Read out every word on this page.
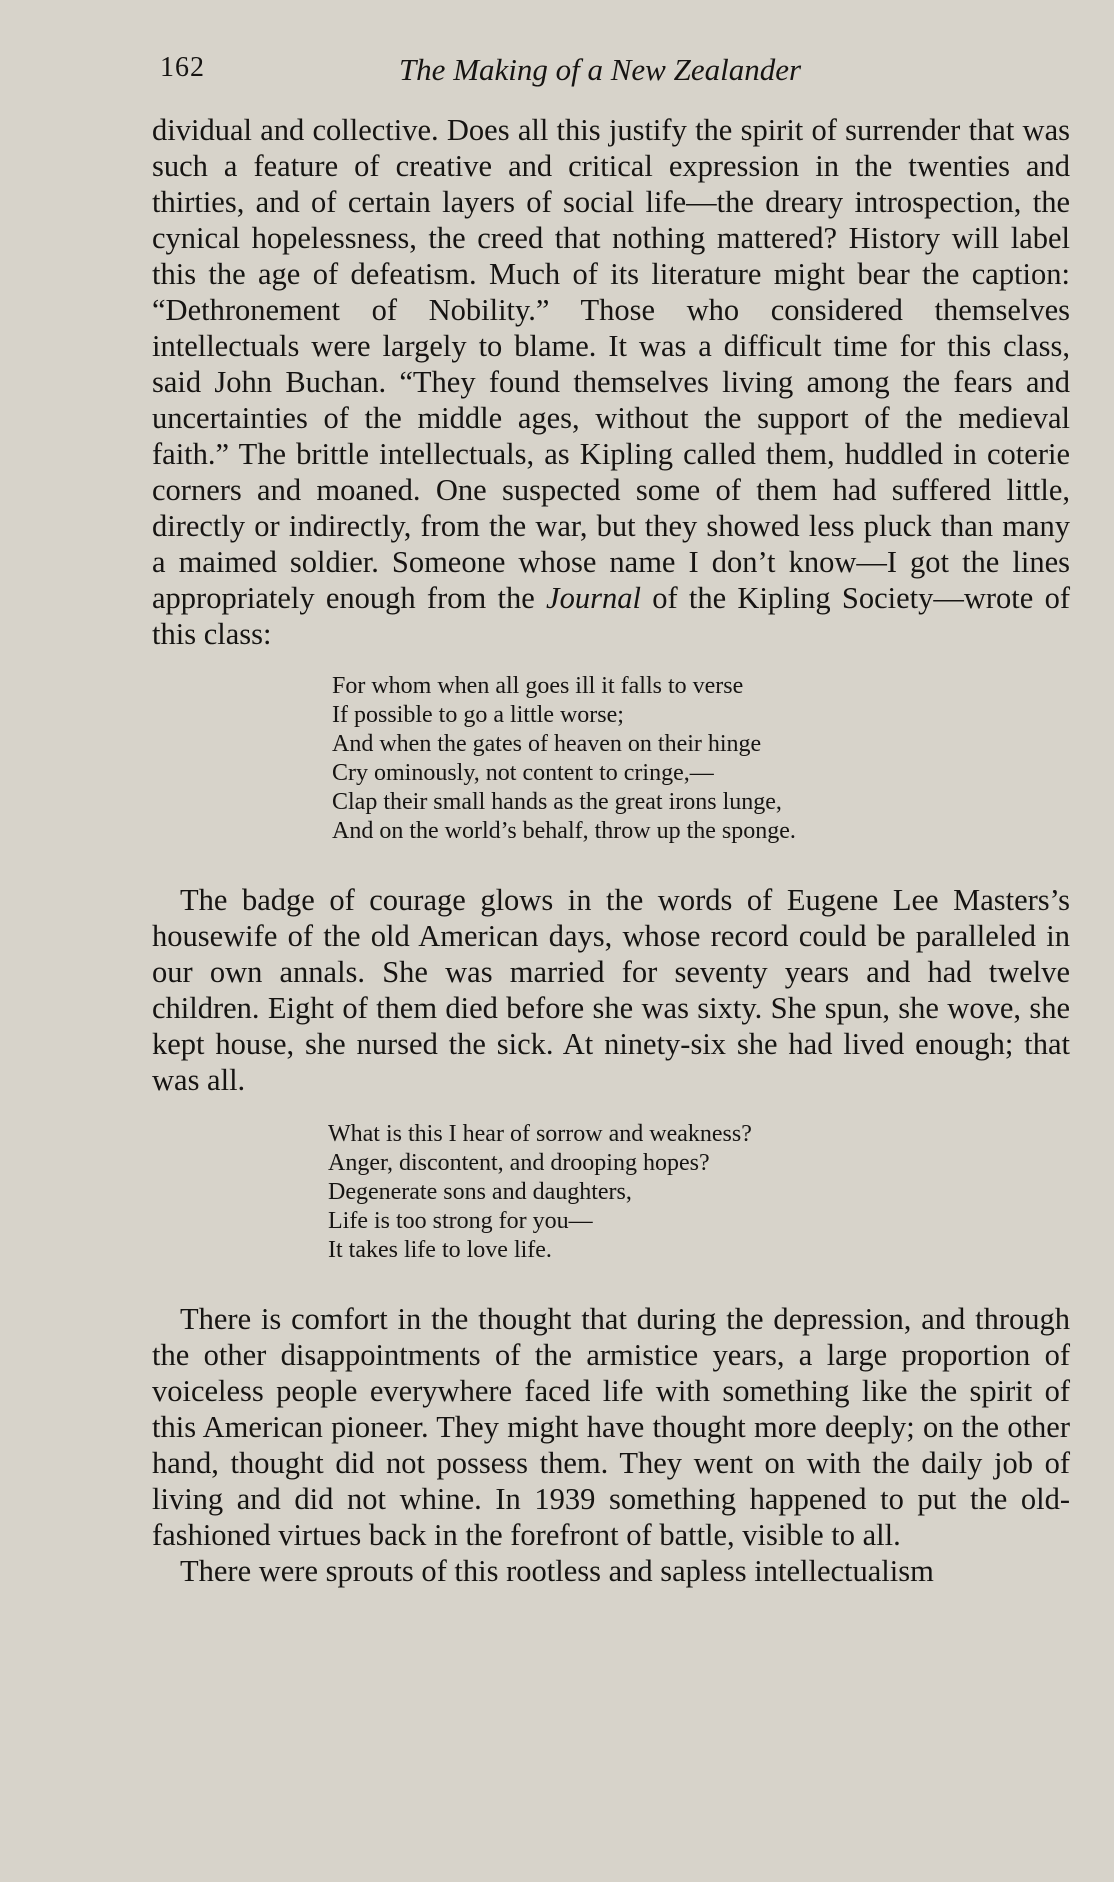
162	The Making of a New Zealander

dividual and collective. Does all this justify the spirit of surrender that was such a feature of creative and critical expression in the twenties and thirties, and of certain layers of social life—the dreary introspection, the cynical hopelessness, the creed that nothing mattered? History will label this the age of defeatism. Much of its literature might bear the caption: “Dethronement of Nobility.” Those who considered themselves intellectuals were largely to blame. It was a difficult time for this class, said John Buchan. “They found themselves living among the fears and uncertainties of the middle ages, without the support of the medieval faith.” The brittle intellectuals, as Kipling called them, huddled in coterie corners and moaned. One suspected some of them had suffered little, directly or indirectly, from the war, but they showed less pluck than many a maimed soldier. Someone whose name I don’t know—I got the lines appropriately enough from the Journal of the Kipling Society—wrote of this class:

For whom when all goes ill it falls to verse
If possible to go a little worse;
And when the gates of heaven on their hinge
Cry ominously, not content to cringe,—
Clap their small hands as the great irons lunge,
And on the world’s behalf, throw up the sponge.

The badge of courage glows in the words of Eugene Lee Masters’s housewife of the old American days, whose record could be paralleled in our own annals. She was married for seventy years and had twelve children. Eight of them died before she was sixty. She spun, she wove, she kept house, she nursed the sick. At ninety-six she had lived enough; that was all.

What is this I hear of sorrow and weakness?
Anger, discontent, and drooping hopes?
Degenerate sons and daughters,
Life is too strong for you—
It takes life to love life.

There is comfort in the thought that during the depression, and through the other disappointments of the armistice years, a large proportion of voiceless people everywhere faced life with something like the spirit of this American pioneer. They might have thought more deeply; on the other hand, thought did not possess them. They went on with the daily job of living and did not whine. In 1939 something happened to put the old-fashioned virtues back in the forefront of battle, visible to all.

There were sprouts of this rootless and sapless intellectualism
